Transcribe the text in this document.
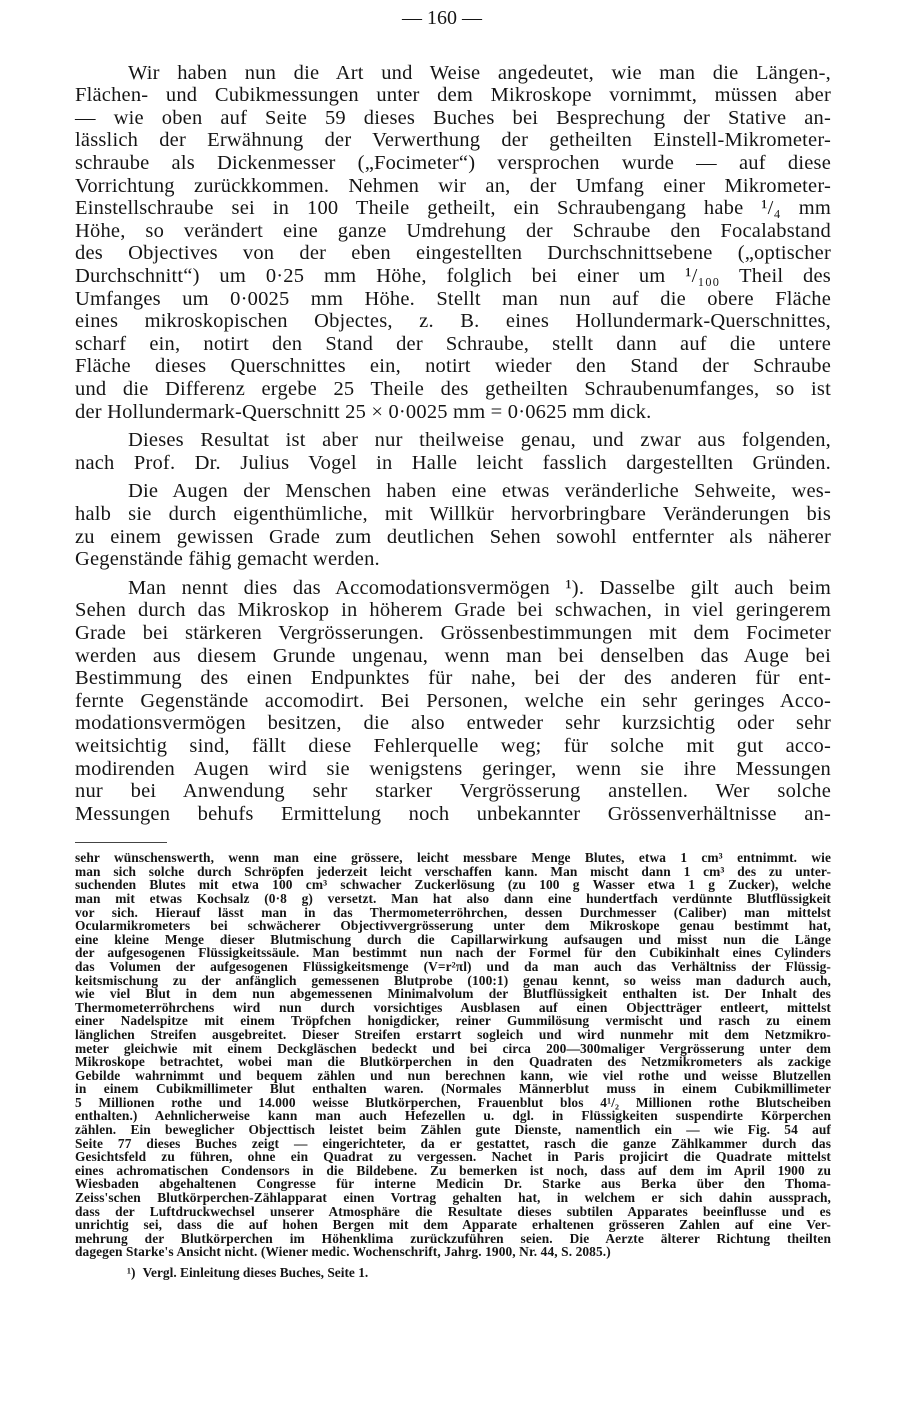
— 160 —
Wir haben nun die Art und Weise angedeutet, wie man die Längen-,
Flächen- und Cubikmessungen unter dem Mikroskope vornimmt, müssen aber
— wie oben auf Seite 59 dieses Buches bei Besprechung der Stative an-
lässlich der Erwähnung der Verwerthung der getheilten Einstell-Mikrometer-
schraube als Dickenmesser („Focimeter“) versprochen wurde — auf diese
Vorrichtung zurückkommen. Nehmen wir an, der Umfang einer Mikrometer-
Einstellschraube sei in 100 Theile getheilt, ein Schraubengang habe ¹/₄ mm
Höhe, so verändert eine ganze Umdrehung der Schraube den Focalabstand
des Objectives von der eben eingestellten Durchschnittsebene („optischer
Durchschnitt“) um 0·25 mm Höhe, folglich bei einer um ¹/₁₀₀ Theil des
Umfanges um 0·0025 mm Höhe. Stellt man nun auf die obere Fläche
eines mikroskopischen Objectes, z. B. eines Hollundermark-Querschnittes,
scharf ein, notirt den Stand der Schraube, stellt dann auf die untere
Fläche dieses Querschnittes ein, notirt wieder den Stand der Schraube
und die Differenz ergebe 25 Theile des getheilten Schraubenumfanges, so ist
der Hollundermark-Querschnitt 25 × 0·0025 mm = 0·0625 mm dick.
Dieses Resultat ist aber nur theilweise genau, und zwar aus folgenden,
nach Prof. Dr. Julius Vogel in Halle leicht fasslich dargestellten Gründen.
Die Augen der Menschen haben eine etwas veränderliche Sehweite, wes-
halb sie durch eigenthümliche, mit Willkür hervorbringbare Veränderungen bis
zu einem gewissen Grade zum deutlichen Sehen sowohl entfernter als näherer
Gegenstände fähig gemacht werden.
Man nennt dies das Accomodationsvermögen ¹). Dasselbe gilt auch beim
Sehen durch das Mikroskop in höherem Grade bei schwachen, in viel geringerem
Grade bei stärkeren Vergrösserungen. Grössenbestimmungen mit dem Focimeter
werden aus diesem Grunde ungenau, wenn man bei denselben das Auge bei
Bestimmung des einen Endpunktes für nahe, bei der des anderen für ent-
fernte Gegenstände accomodirt. Bei Personen, welche ein sehr geringes Acco-
modationsvermögen besitzen, die also entweder sehr kurzsichtig oder sehr
weitsichtig sind, fällt diese Fehlerquelle weg; für solche mit gut acco-
modirenden Augen wird sie wenigstens geringer, wenn sie ihre Messungen
nur bei Anwendung sehr starker Vergrösserung anstellen. Wer solche
Messungen behufs Ermittelung noch unbekannter Grössenverhältnisse an-
sehr wünschenswerth, wenn man eine grössere, leicht messbare Menge Blutes, etwa 1 cm³ entnimmt. wie
man sich solche durch Schröpfen jederzeit leicht verschaffen kann. Man mischt dann 1 cm³ des zu unter-
suchenden Blutes mit etwa 100 cm³ schwacher Zuckerlösung (zu 100 g Wasser etwa 1 g Zucker), welche
man mit etwas Kochsalz (0·8 g) versetzt. Man hat also dann eine hundertfach verdünnte Blutflüssigkeit
vor sich. Hierauf lässt man in das Thermometerröhrchen, dessen Durchmesser (Caliber) man mittelst
Ocularmikrometers bei schwächerer Objectivvergrösserung unter dem Mikroskope genau bestimmt hat,
eine kleine Menge dieser Blutmischung durch die Capillarwirkung aufsaugen und misst nun die Länge
der aufgesogenen Flüssigkeitssäule. Man bestimmt nun nach der Formel für den Cubikinhalt eines Cylinders
das Volumen der aufgesogenen Flüssigkeitsmenge (V=r²πl) und da man auch das Verhältniss der Flüssig-
keitsmischung zu der anfänglich gemessenen Blutprobe (100:1) genau kennt, so weiss man dadurch auch,
wie viel Blut in dem nun abgemessenen Minimalvolum der Blutflüssigkeit enthalten ist. Der Inhalt des
Thermometerröhrchens wird nun durch vorsichtiges Ausblasen auf einen Objectträger entleert, mittelst
einer Nadelspitze mit einem Tröpfchen honigdicker, reiner Gummilösung vermischt und rasch zu einem
länglichen Streifen ausgebreitet. Dieser Streifen erstarrt sogleich und wird nunmehr mit dem Netzmikro-
meter gleichwie mit einem Deckgläschen bedeckt und bei circa 200—300maliger Vergrösserung unter dem
Mikroskope betrachtet, wobei man die Blutkörperchen in den Quadraten des Netzmikrometers als zackige
Gebilde wahrnimmt und bequem zählen und nun berechnen kann, wie viel rothe und weisse Blutzellen
in einem Cubikmillimeter Blut enthalten waren. (Normales Männerblut muss in einem Cubikmillimeter
5 Millionen rothe und 14.000 weisse Blutkörperchen, Frauenblut blos 4¹/₂ Millionen rothe Blutscheiben
enthalten.) Aehnlicherweise kann man auch Hefezellen u. dgl. in Flüssigkeiten suspendirte Körperchen
zählen. Ein beweglicher Objecttisch leistet beim Zählen gute Dienste, namentlich ein — wie Fig. 54 auf
Seite 77 dieses Buches zeigt — eingerichteter, da er gestattet, rasch die ganze Zählkammer durch das
Gesichtsfeld zu führen, ohne ein Quadrat zu vergessen. Nachet in Paris projicirt die Quadrate mittelst
eines achromatischen Condensors in die Bildebene. Zu bemerken ist noch, dass auf dem im April 1900 zu
Wiesbaden abgehaltenen Congresse für interne Medicin Dr. Starke aus Berka über den Thoma-
Zeiss'schen Blutkörperchen-Zählapparat einen Vortrag gehalten hat, in welchem er sich dahin aussprach,
dass der Luftdruckwechsel unserer Atmosphäre die Resultate dieses subtilen Apparates beeinflusse und es
unrichtig sei, dass die auf hohen Bergen mit dem Apparate erhaltenen grösseren Zahlen auf eine Ver-
mehrung der Blutkörperchen im Höhenklima zurückzuführen seien. Die Aerzte älterer Richtung theilten
dagegen Starke's Ansicht nicht. (Wiener medic. Wochenschrift, Jahrg. 1900, Nr. 44, S. 2085.)
¹) Vergl. Einleitung dieses Buches, Seite 1.
